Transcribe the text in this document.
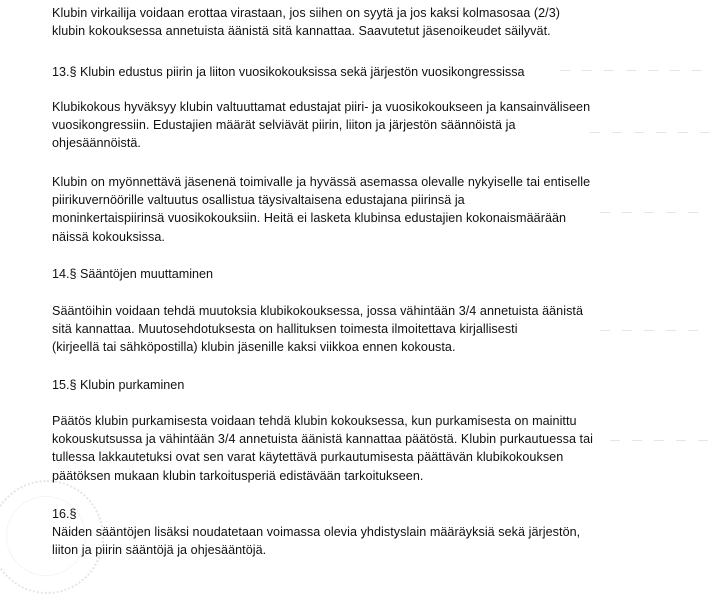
Klubin virkailija voidaan erottaa virastaan, jos siihen on syytä ja jos kaksi kolmasosaa (2/3)
klubin kokouksessa annetuista äänistä sitä kannattaa. Saavutetut jäsenoikeudet säilyvät.
13.§ Klubin edustus piirin ja liiton vuosikokouksissa sekä järjestön vuosikongressissa
Klubikokous hyväksyy klubin valtuuttamat edustajat piiri- ja vuosikokoukseen ja kansainväliseen
vuosikongressiin. Edustajien määrät selviävät piirin, liiton ja järjestön säännöistä ja
ohjesäännöistä.
Klubin on myönnettävä jäsenenä toimivalle ja hyvässä asemassa olevalle nykyiselle tai entiselle
piirikuvernöörille valtuutus osallistua täysivaltaisena edustajana piirinsä ja
moninkertaispiirinsä vuosikokouksiin. Heitä ei lasketa klubinsa edustajien kokonaismäärään
näissä kokouksissa.
14.§ Sääntöjen muuttaminen
Sääntöihin voidaan tehdä muutoksia klubikokouksessa, jossa vähintään 3/4 annetuista äänistä
sitä kannattaa. Muutosehdotuksesta on hallituksen toimesta ilmoitettava kirjallisesti
(kirjeellä tai sähköpostilla) klubin jäsenille kaksi viikkoa ennen kokousta.
15.§ Klubin purkaminen
Päätös klubin purkamisesta voidaan tehdä klubin kokouksessa, kun purkamisesta on mainittu
kokouskutsussa ja vähintään 3/4 annetuista äänistä kannattaa päätöstä. Klubin purkautuessa tai
tullessa lakkautetuksi ovat sen varat käytettävä purkautumisesta päättävän klubikokouksen
päätöksen mukaan klubin tarkoitusperiä edistävään tarkoitukseen.
16.§
Näiden sääntöjen lisäksi noudatetaan voimassa olevia yhdistyslain määräyksiä sekä järjestön,
liiton ja piirin sääntöjä ja ohjesääntöjä.
